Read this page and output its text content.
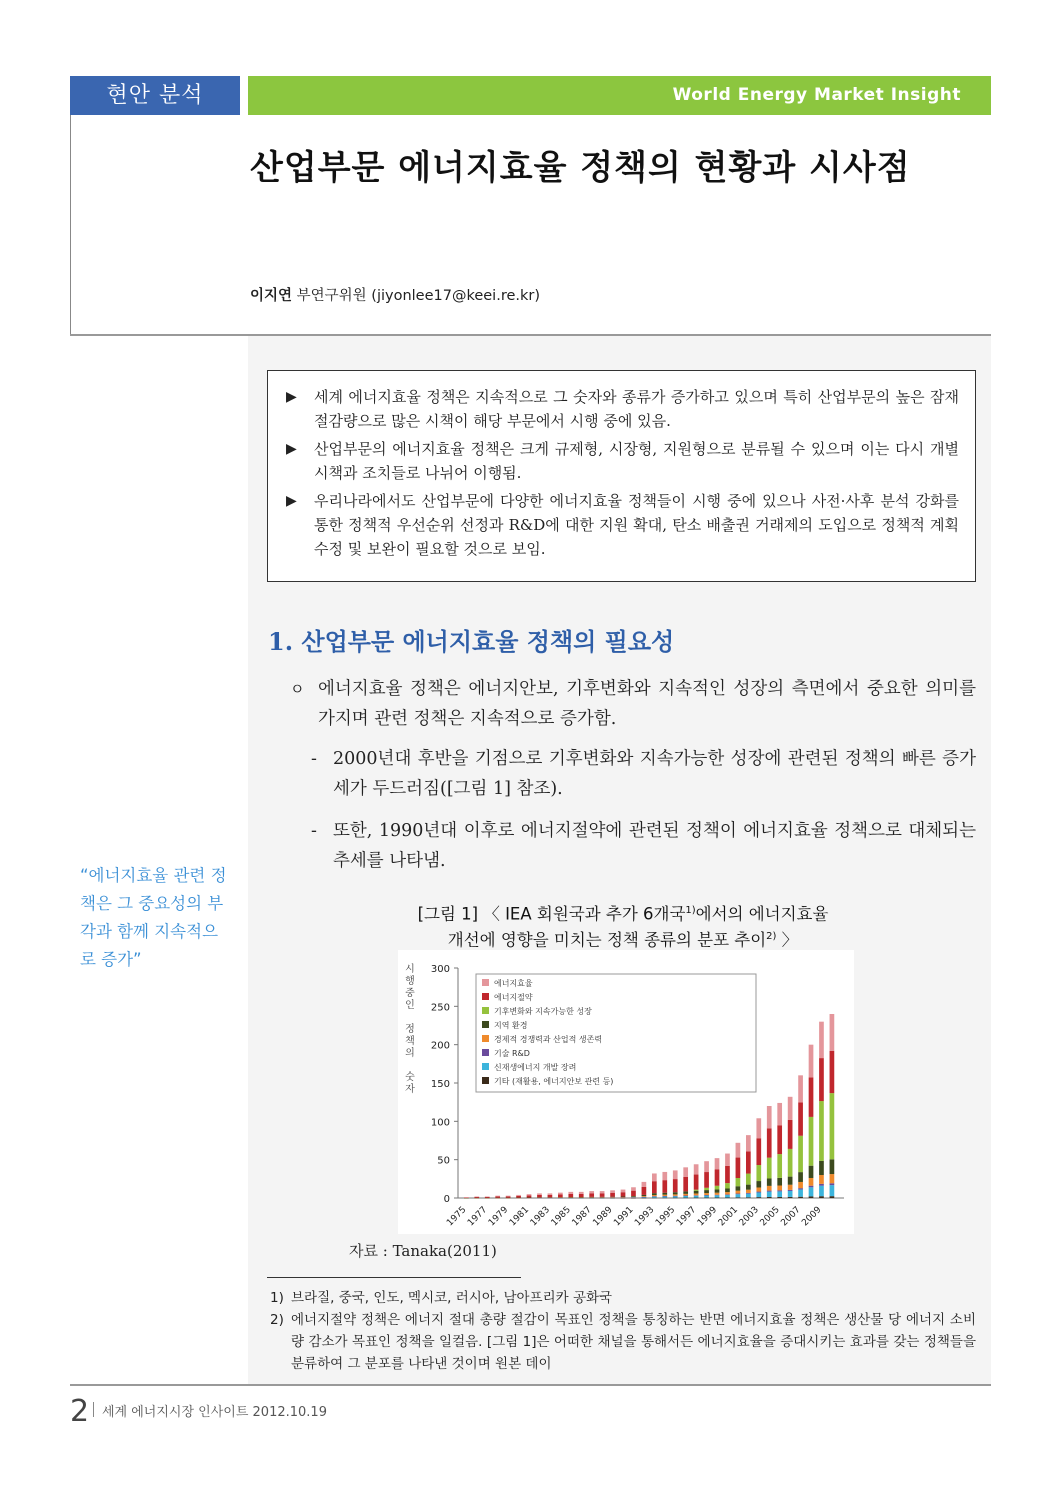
현안 분석	World Energy Market Insight
산업부문 에너지효율 정책의 현황과 시사점
이지연 부연구위원 (jiyonlee17@keei.re.kr)
▶ 세계 에너지효율 정책은 지속적으로 그 숫자와 종류가 증가하고 있으며 특히 산업부문의 높은 잠재 절감량으로 많은 시책이 해당 부문에서 시행 중에 있음.
▶ 산업부문의 에너지효율 정책은 크게 규제형, 시장형, 지원형으로 분류될 수 있으며 이는 다시 개별 시책과 조치들로 나뉘어 이행됨.
▶ 우리나라에서도 산업부문에 다양한 에너지효율 정책들이 시행 중에 있으나 사전·사후 분석 강화를 통한 정책적 우선순위 선정과 R&D에 대한 지원 확대, 탄소 배출권 거래제의 도입으로 정책적 계획 수정 및 보완이 필요할 것으로 보임.
1. 산업부문 에너지효율 정책의 필요성
ㅇ 에너지효율 정책은 에너지안보, 기후변화와 지속적인 성장의 측면에서 중요한 의미를 가지며 관련 정책은 지속적으로 증가함.
- 2000년대 후반을 기점으로 기후변화와 지속가능한 성장에 관련된 정책의 빠른 증가세가 두드러짐([그림 1] 참조).
- 또한, 1990년대 이후로 에너지절약에 관련된 정책이 에너지효율 정책으로 대체되는 추세를 나타냄.
“에너지효율 관련 정책은 그 중요성의 부각과 함께 지속적으로 증가”
[그림 1] 〈 IEA 회원국과 추가 6개국$^{1)}$에서의 에너지효율
개선에 영향을 미치는 정책 종류의 분포 추이$^{2)}$ 〉
0
50
100
150
200
250
300
시
행
중
인
정
책
의
숫
자
1975
1977
1979
1981
1983
1985
1987
1989
1991
1993
1995
1997
1999
2001
2003
2005
2007
2009
에너지효율
에너지절약
기후변화와 지속가능한 성장
지역 환경
경제적 경쟁력과 산업적 생존력
기술 R&D
신재생에너지 개발 장려
기타 (재활용, 에너지안보 관련 등)
자료 : Tanaka(2011)
1) 브라질, 중국, 인도, 멕시코, 러시아, 남아프리카 공화국
2) 에너지절약 정책은 에너지 절대 총량 절감이 목표인 정책을 통칭하는 반면 에너지효율 정책은 생산물 당 에너지 소비량 감소가 목표인 정책을 일컬음. [그림 1]은 어떠한 채널을 통해서든 에너지효율을 증대시키는 효과를 갖는 정책들을 분류하여 그 분포를 나타낸 것이며 원본 데이
2 세계 에너지시장 인사이트 2012.10.19
